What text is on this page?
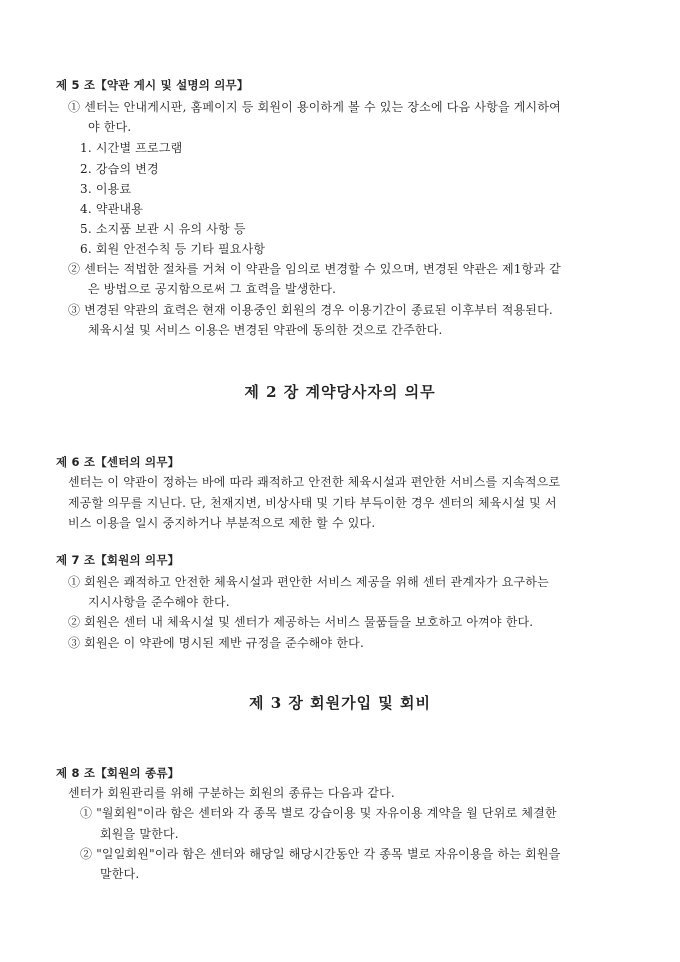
제 5 조【약관 게시 및 설명의 의무】
① 센터는 안내게시판, 홈페이지 등 회원이 용이하게 볼 수 있는 장소에 다음 사항을 게시하여
야 한다.
1. 시간별 프로그램
2. 강습의 변경
3. 이용료
4. 약관내용
5. 소지품 보관 시 유의 사항 등
6. 회원 안전수칙 등 기타 필요사항
② 센터는 적법한 절차를 거쳐 이 약관을 임의로 변경할 수 있으며, 변경된 약관은 제1항과 같
은 방법으로 공지함으로써 그 효력을 발생한다.
③ 변경된 약관의 효력은 현재 이용중인 회원의 경우 이용기간이 종료된 이후부터 적용된다.
체육시설 및 서비스 이용은 변경된 약관에 동의한 것으로 간주한다.
제 2 장 계약당사자의 의무
제 6 조【센터의 의무】
센터는 이 약관이 정하는 바에 따라 쾌적하고 안전한 체육시설과 편안한 서비스를 지속적으로
제공할 의무를 지닌다. 단, 천재지변, 비상사태 및 기타 부득이한 경우 센터의 체육시설 및 서
비스 이용을 일시 중지하거나 부분적으로 제한 할 수 있다.
제 7 조【회원의 의무】
① 회원은 쾌적하고 안전한 체육시설과 편안한 서비스 제공을 위해 센터 관계자가 요구하는
지시사항을 준수해야 한다.
② 회원은 센터 내 체육시설 및 센터가 제공하는 서비스 물품들을 보호하고 아껴야 한다.
③ 회원은 이 약관에 명시된 제반 규정을 준수해야 한다.
제 3 장 회원가입 및 회비
제 8 조【회원의 종류】
센터가 회원관리를 위해 구분하는 회원의 종류는 다음과 같다.
① "월회원"이라 함은 센터와 각 종목 별로 강습이용 및 자유이용 계약을 월 단위로 체결한
회원을 말한다.
② "일일회원"이라 함은 센터와 해당일 해당시간동안 각 종목 별로 자유이용을 하는 회원을
말한다.
